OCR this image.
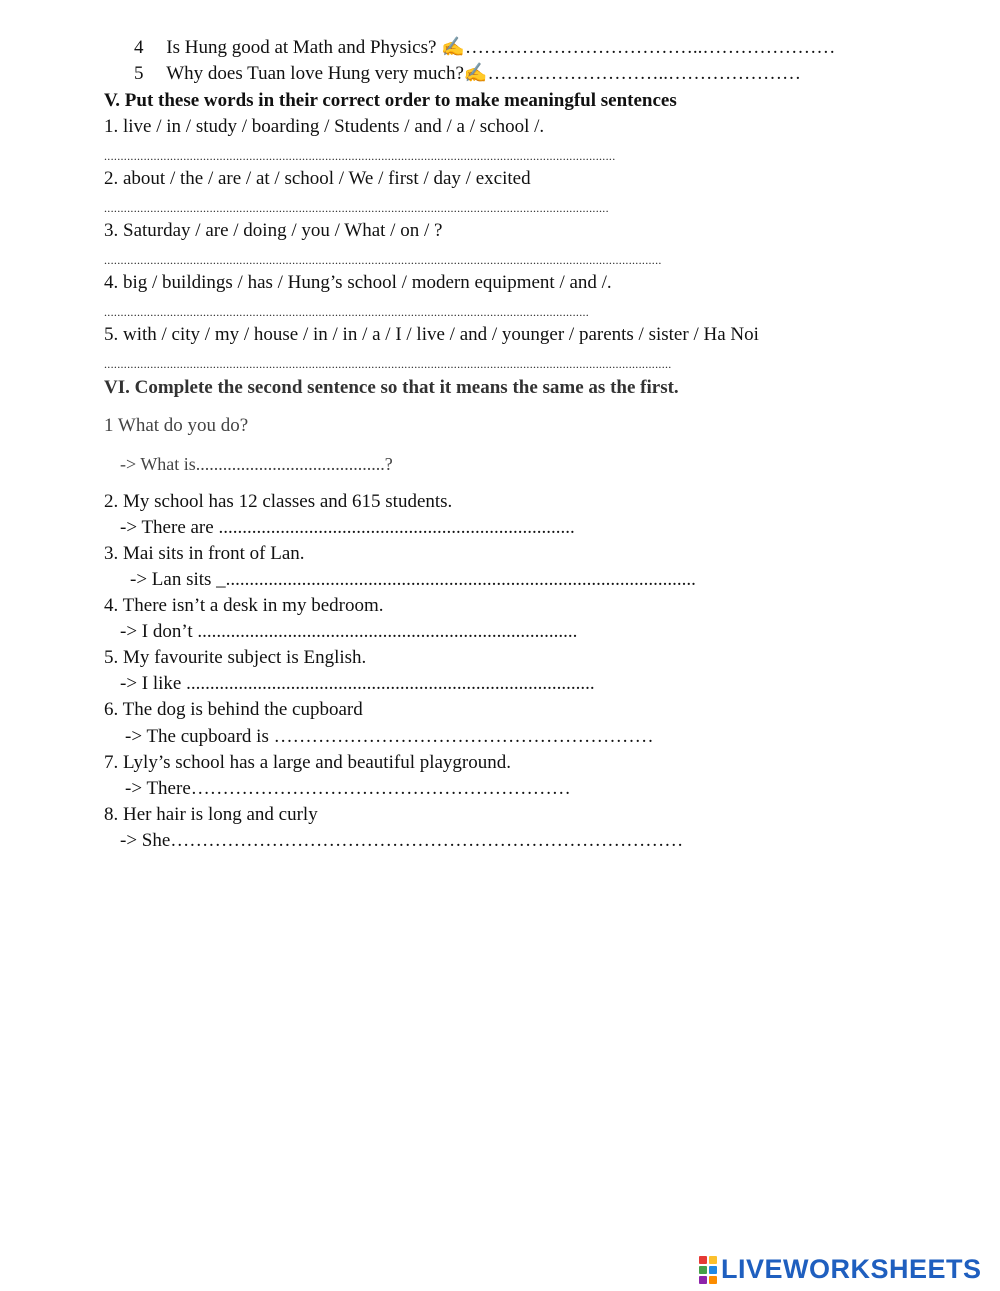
4 Is Hung good at Math and Physics? ✍………………………………..…………………
5 Why does Tuan love Hung very much?✍………………………..…………………
V. Put these words in their correct order to make meaningful sentences
1. live / in / study / boarding / Students / and / a / school /.
...........................................................................................................................................................
2. about / the / are / at / school / We / first / day / excited
.........................................................................................................................................................
3. Saturday / are / doing / you / What / on / ?
.........................................................................................................................................................................
4. big / buildings / has / Hung’s school / modern equipment / and /.
...................................................................................................................................................
5. with / city / my / house / in / in / a / I / live / and / younger / parents / sister / Ha Noi
............................................................................................................................................................................
VI. Complete the second sentence so that it means the same as the first.
1 What do you do?
-> What is..........................................?
2. My school has 12 classes and 615 students.
-> There are ...........................................................................
3. Mai sits in front of Lan.
-> Lan sits _...................................................................................................
4. There isn’t a desk in my bedroom.
-> I don’t ................................................................................
5. My favourite subject is English.
-> I like ......................................................................................
6. The dog is behind the cupboard
-> The cupboard is ……………………………………………………
7. Lyly’s school has a large and beautiful playground.
-> There……………………………………………………
8. Her hair is long and curly
-> She………………………………………………………………………
LIVEWORKSHEETS
